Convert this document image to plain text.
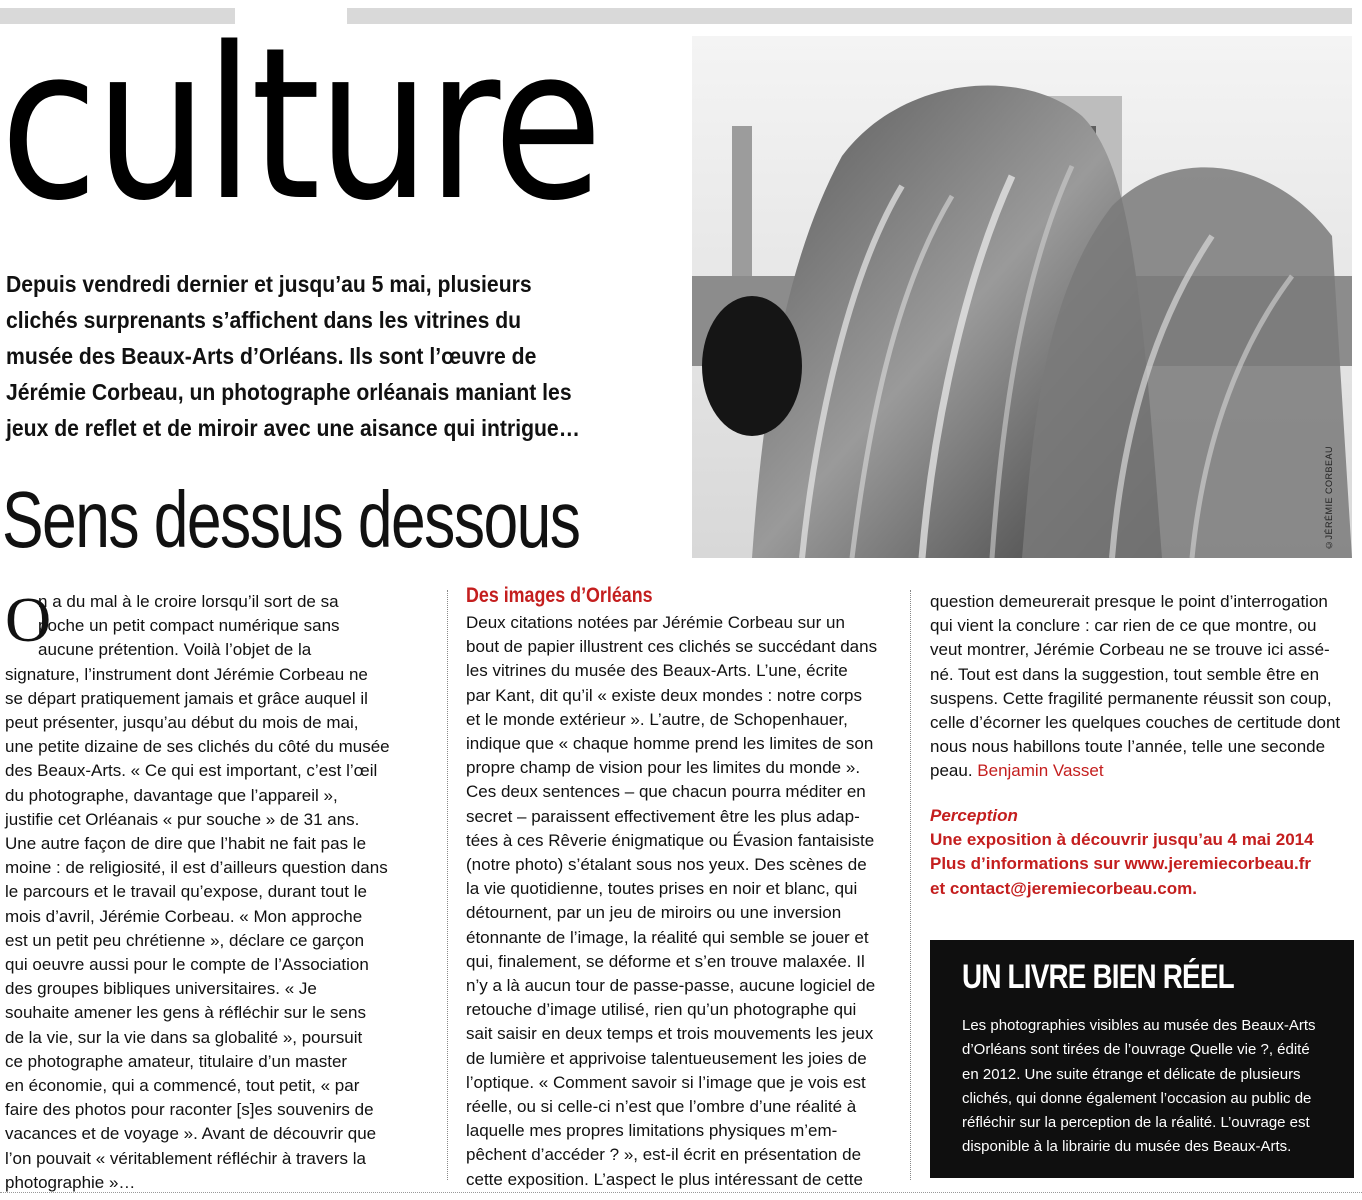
culture
©JÉRÉMIE CORBEAU

Depuis vendredi dernier et jusqu’au 5 mai, plusieurs

clichés surprenants s’affichent dans les vitrines du

musée des Beaux-Arts d’Orléans. Ils sont l’œuvre de

Jérémie Corbeau, un photographe orléanais maniant les

jeux de reflet et de miroir avec une aisance qui intrigue…

Sens dessus dessous
O

n a du mal à le croire lorsqu’il sort de sa

poche un petit compact numérique sans

aucune prétention. Voilà l’objet de la

signature, l’instrument dont Jérémie Corbeau ne

se départ pratiquement jamais et grâce auquel il

peut présenter, jusqu’au début du mois de mai,

une petite dizaine de ses clichés du côté du musée

des Beaux-Arts. « Ce qui est important, c’est l’œil

du photographe, davantage que l’appareil »,

justifie cet Orléanais « pur souche » de 31 ans.

Une autre façon de dire que l’habit ne fait pas le

moine : de religiosité, il est d’ailleurs question dans

le parcours et le travail qu’expose, durant tout le

mois d’avril, Jérémie Corbeau. « Mon approche

est un petit peu chrétienne », déclare ce garçon

qui oeuvre aussi pour le compte de l’Association

des groupes bibliques universitaires. « Je

souhaite amener les gens à réfléchir sur le sens

de la vie, sur la vie dans sa globalité », poursuit

ce photographe amateur, titulaire d’un master

en économie, qui a commencé, tout petit, « par

faire des photos pour raconter [s]es souvenirs de

vacances et de voyage ». Avant de découvrir que

l’on pouvait « véritablement réfléchir à travers la

photographie »…

Des images d’Orléans

Deux citations notées par Jérémie Corbeau sur un

bout de papier illustrent ces clichés se succédant dans

les vitrines du musée des Beaux-Arts. L’une, écrite

par Kant, dit qu’il « existe deux mondes : notre corps

et le monde extérieur ». L’autre, de Schopenhauer,

indique que « chaque homme prend les limites de son

propre champ de vision pour les limites du monde ».

Ces deux sentences – que chacun pourra méditer en

secret – paraissent effectivement être les plus adap-

tées à ces Rêverie énigmatique ou Évasion fantaisiste

(notre photo) s’étalant sous nos yeux. Des scènes de

la vie quotidienne, toutes prises en noir et blanc, qui

détournent, par un jeu de miroirs ou une inversion

étonnante de l’image, la réalité qui semble se jouer et

qui, finalement, se déforme et s’en trouve malaxée. Il

n’y a là aucun tour de passe-passe, aucune logiciel de

retouche d’image utilisé, rien qu’un photographe qui

sait saisir en deux temps et trois mouvements les jeux

de lumière et apprivoise talentueusement les joies de

l’optique. « Comment savoir si l’image que je vois est

réelle, ou si celle-ci n’est que l’ombre d’une réalité à

laquelle mes propres limitations physiques m’em-

pêchent d’accéder ? », est-il écrit en présentation de

cette exposition. L’aspect le plus intéressant de cette

question demeurerait presque le point d’interrogation

qui vient la conclure : car rien de ce que montre, ou

veut montrer, Jérémie Corbeau ne se trouve ici assé-

né. Tout est dans la suggestion, tout semble être en

suspens. Cette fragilité permanente réussit son coup,

celle d’écorner les quelques couches de certitude dont

nous nous habillons toute l’année, telle une seconde

peau. Benjamin Vasset

Perception

Une exposition à découvrir jusqu’au 4 mai 2014

Plus d’informations sur www.jeremiecorbeau.fr

et contact@jeremiecorbeau.com.

UN LIVRE BIEN RÉEL

Les photographies visibles au musée des Beaux-Arts

d’Orléans sont tirées de l’ouvrage Quelle vie ?, édité

en 2012. Une suite étrange et délicate de plusieurs

clichés, qui donne également l’occasion au public de

réfléchir sur la perception de la réalité. L’ouvrage est

disponible à la librairie du musée des Beaux-Arts.
